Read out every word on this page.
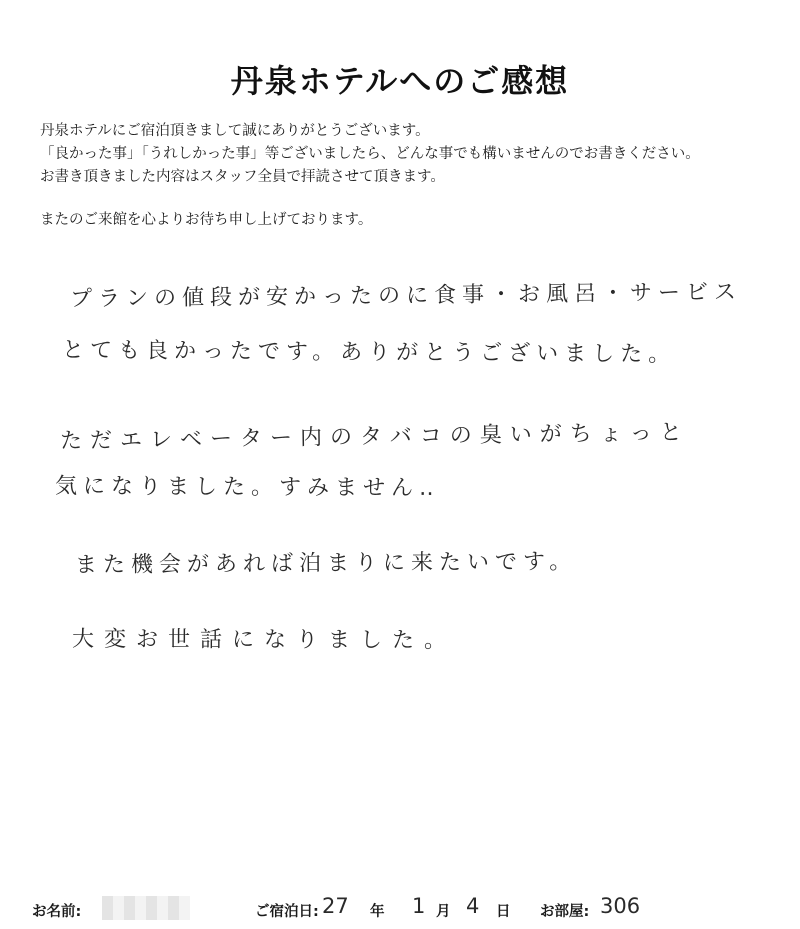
丹泉ホテルへのご感想
丹泉ホテルにご宿泊頂きまして誠にありがとうございます。
「良かった事」「うれしかった事」等ございましたら、どんな事でも構いませんのでお書きください。
お書き頂きました内容はスタッフ全員で拝読させて頂きます。
またのご来館を心よりお待ち申し上げております。
プランの値段が安かったのに食事・お風呂・サービス
とても良かったです。ありがとうございました。
ただエレベーター内のタバコの臭いがちょっと
気になりました。すみません‥
また機会があれば泊まりに来たいです。
大変お世話になりました。
お名前:	ご宿泊日: 27 年 1 月 4 日 お部屋: 306
